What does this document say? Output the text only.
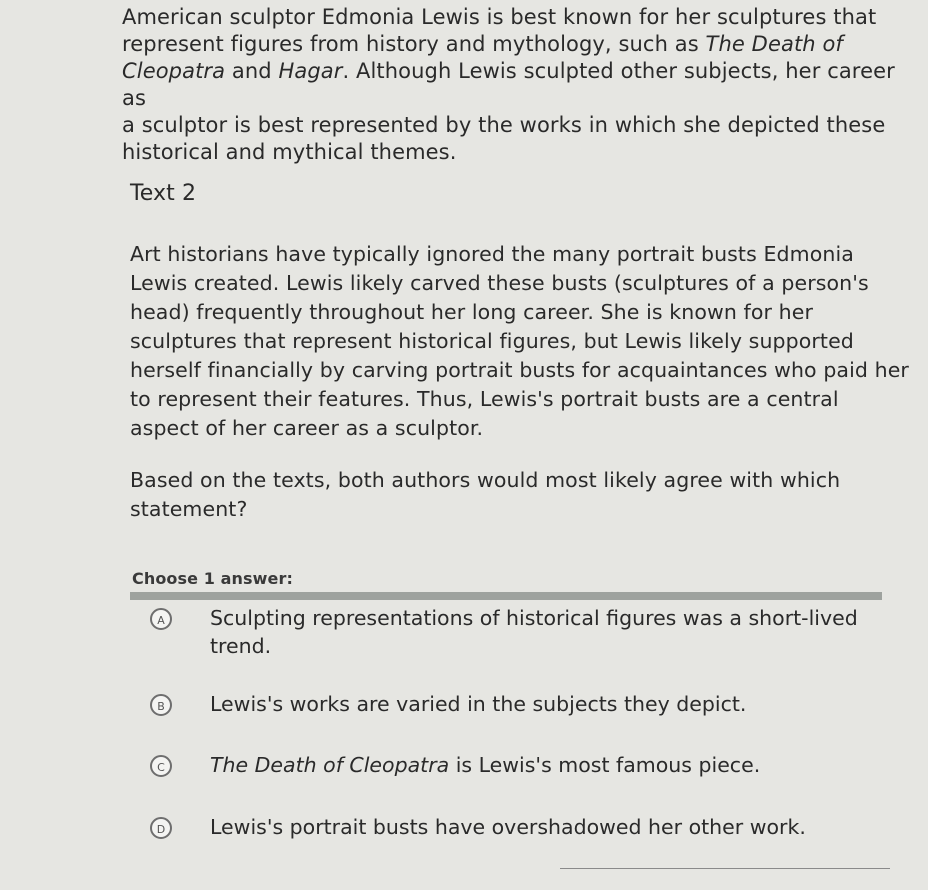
American sculptor Edmonia Lewis is best known for her sculptures that
represent figures from history and mythology, such as The Death of
Cleopatra and Hagar. Although Lewis sculpted other subjects, her career as
a sculptor is best represented by the works in which she depicted these
historical and mythical themes.
Text 2
Art historians have typically ignored the many portrait busts Edmonia Lewis created. Lewis likely carved these busts (sculptures of a person's head) frequently throughout her long career. She is known for her sculptures that represent historical figures, but Lewis likely supported herself financially by carving portrait busts for acquaintances who paid her to represent their features. Thus, Lewis's portrait busts are a central aspect of her career as a sculptor.
Based on the texts, both authors would most likely agree with which statement?
Choose 1 answer:
A	Sculpting representations of historical figures was a short-lived trend.
B	Lewis's works are varied in the subjects they depict.
C	The Death of Cleopatra is Lewis's most famous piece.
D	Lewis's portrait busts have overshadowed her other work.
